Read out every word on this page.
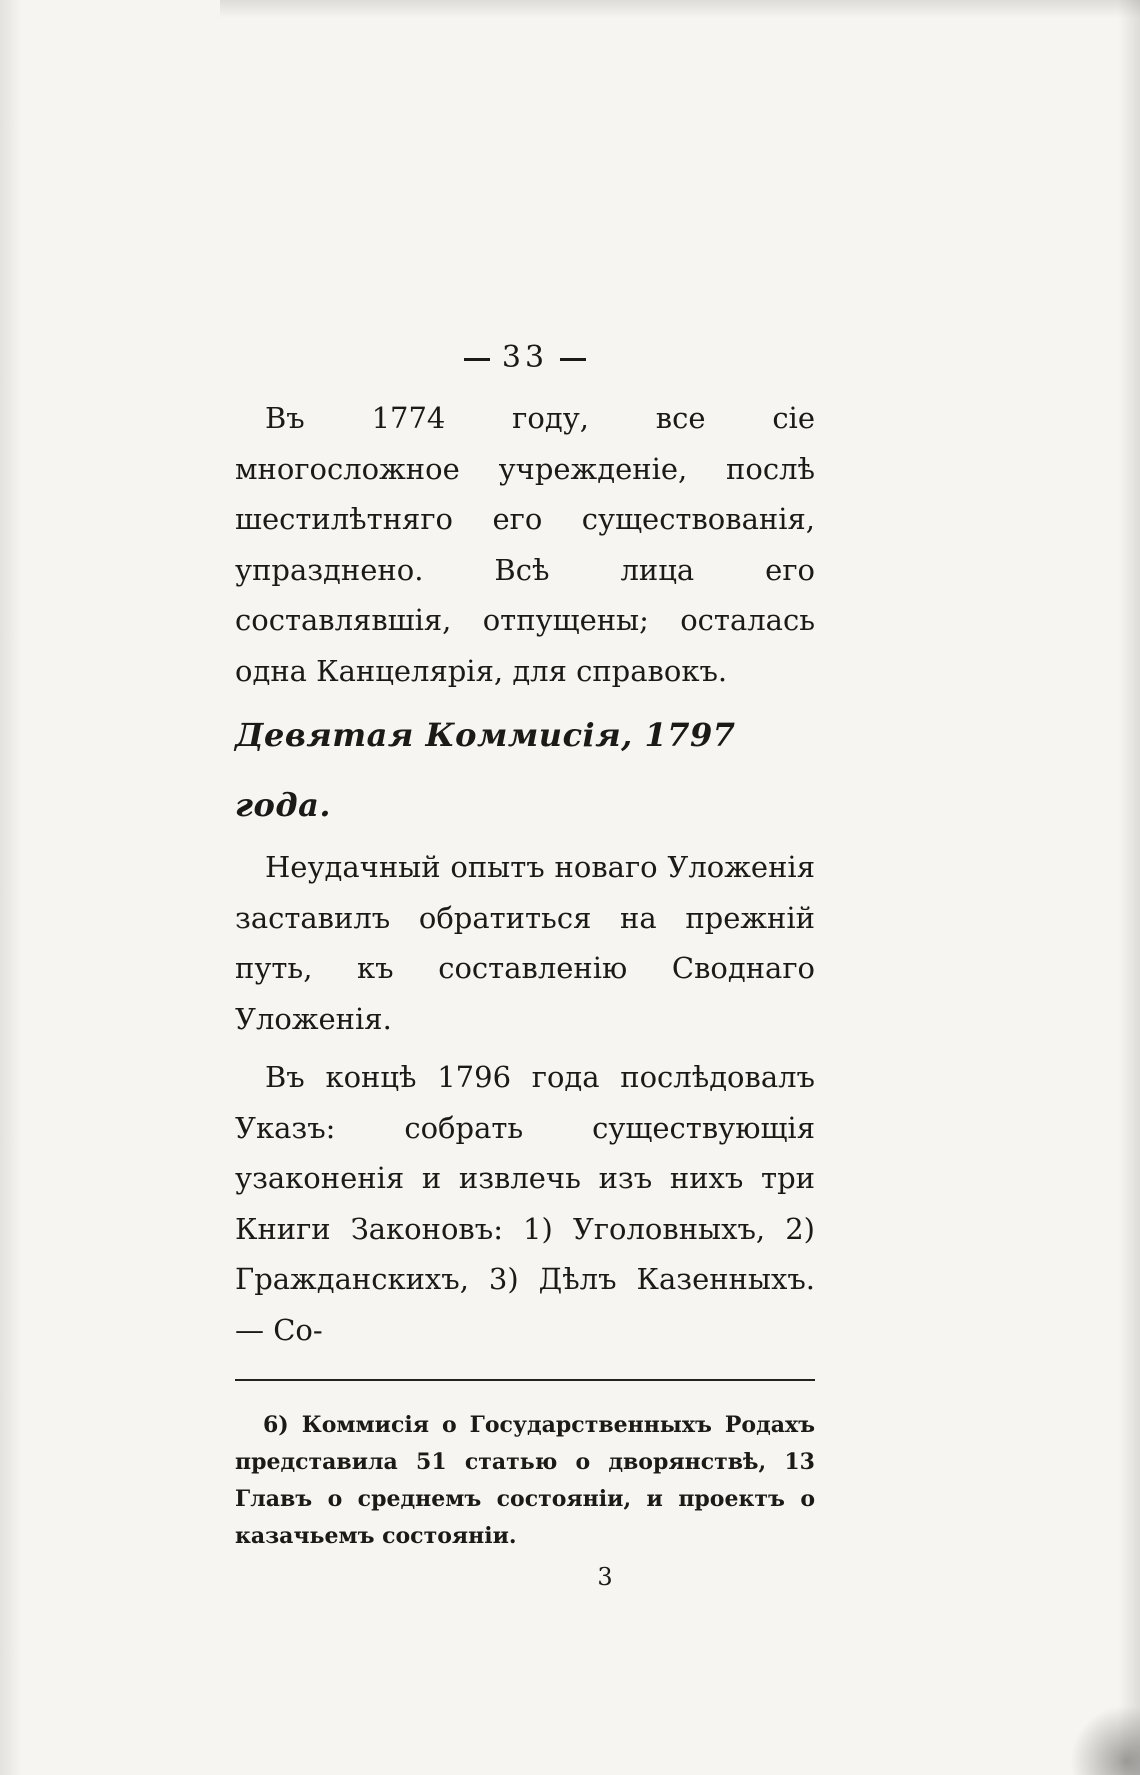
33

Въ 1774 году, все сiе многосложное учрежденiе, послѣ шестилѣтняго его существованiя, упразднено. Всѣ лица его составлявшiя, отпущены; осталась одна Канцелярiя, для справокъ.

Девятая Коммисiя, 1797 года.

Неудачный опытъ новаго Уложенiя заставилъ обратиться на прежнiй путь, къ составленiю Своднаго Уложенiя.

Въ концѣ 1796 года послѣдовалъ Указъ: собрать существующiя узаконенiя и извлечь изъ нихъ три Книги Законовъ: 1) Уголовныхъ, 2) Гражданскихъ, 3) Дѣлъ Казенныхъ. — Со-

6) Коммисiя о Государственныхъ Родахъ представила 51 статью о дворянствѣ, 13 Главъ о среднемъ состоянiи, и проектъ о казачьемъ состоянiи.

3
